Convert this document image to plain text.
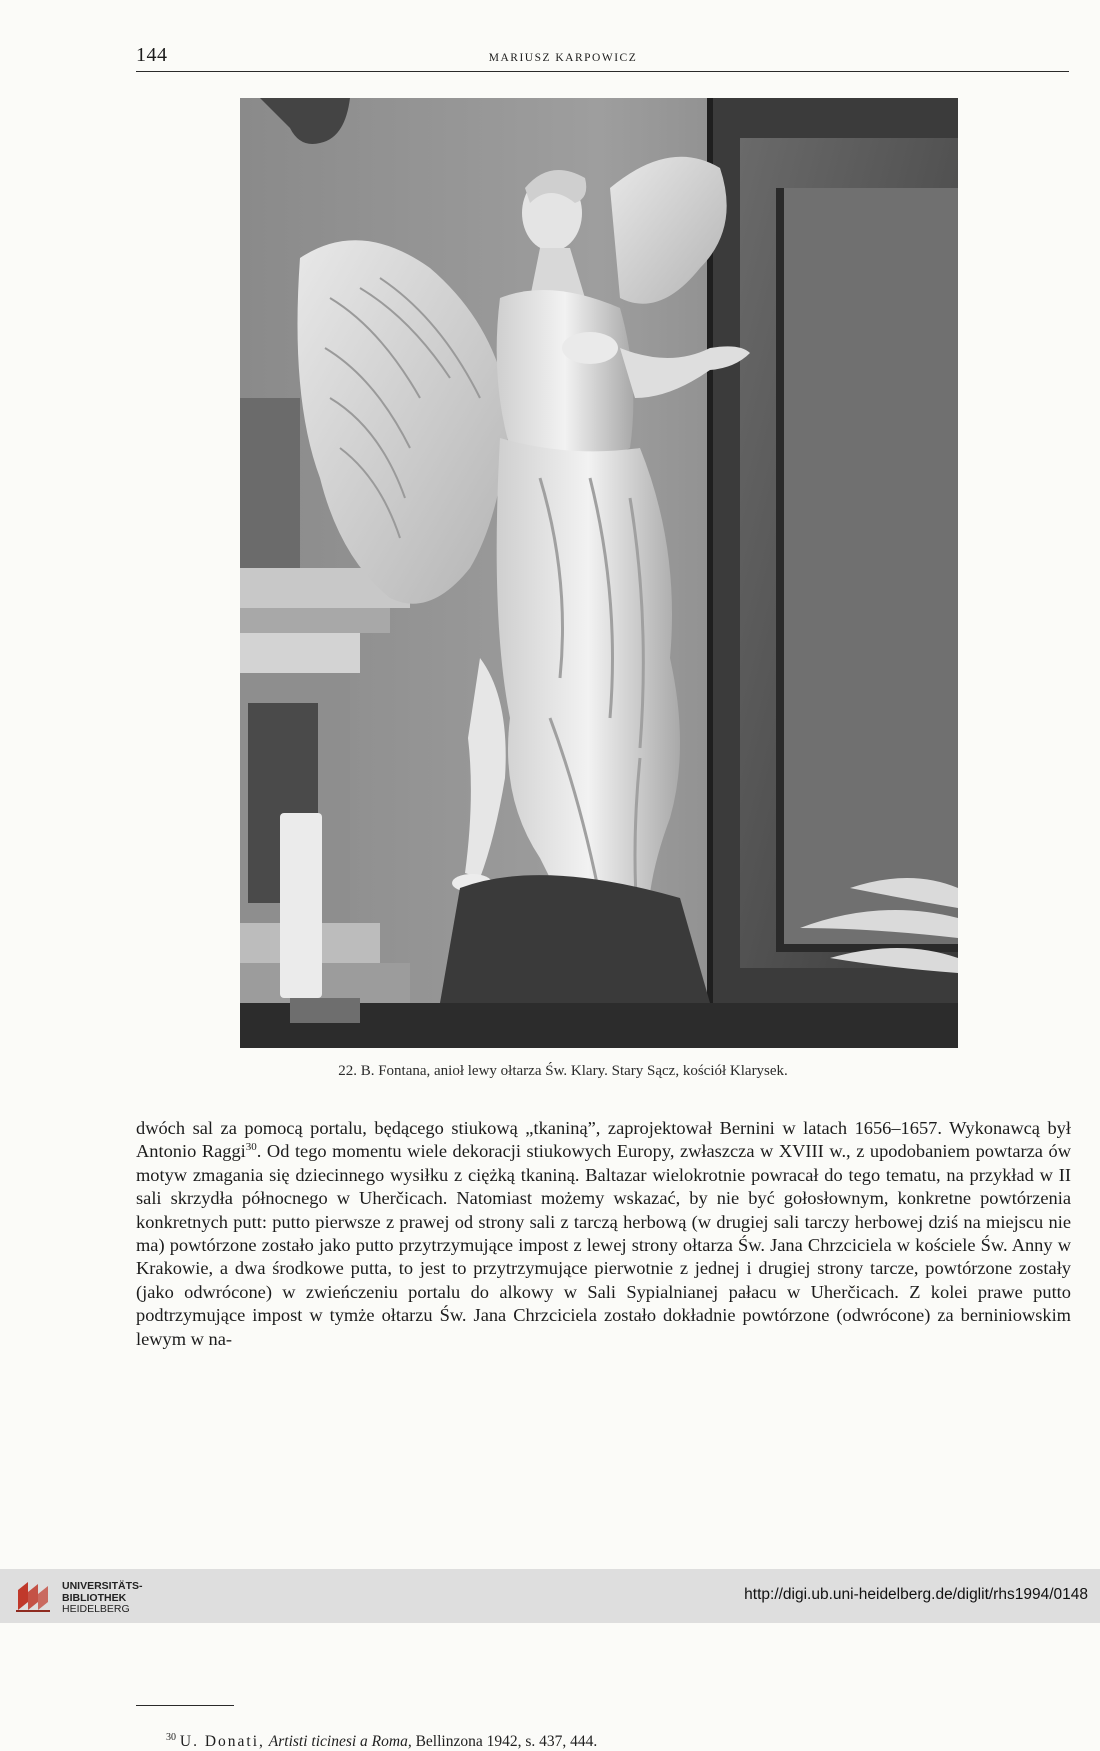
144	MARIUSZ KARPOWICZ
22. B. Fontana, anioł lewy ołtarza Św. Klary. Stary Sącz, kościół Klarysek.

dwóch sal za pomocą portalu, będącego stiukową „tkaniną”, zaprojektował Bernini w latach 1656–1657. Wykonawcą był Antonio Raggi$^{30}$. Od tego momentu wiele dekoracji stiukowych Europy, zwłaszcza w XVIII w., z upodobaniem powtarza ów motyw zmagania się dziecinnego wysiłku z ciężką tkaniną. Baltazar wielokrotnie powracał do tego tematu, na przykład w II sali skrzydła północnego w Uherčicach. Natomiast możemy wskazać, by nie być gołosłownym, konkretne powtórzenia konkretnych putt: putto pierwsze z prawej od strony sali z tarczą herbową (w drugiej sali tarczy herbowej dziś na miejscu nie ma) powtórzone zostało jako putto przytrzymujące impost z lewej strony ołtarza Św. Jana Chrzciciela w kościele Św. Anny w Krakowie, a dwa środkowe putta, to jest to przytrzymujące pierwotnie z jednej i drugiej strony tarcze, powtórzone zostały (jako odwrócone) w zwieńczeniu portalu do alkowy w Sali Sypialnianej pałacu w Uherčicach. Z kolei prawe putto podtrzymujące impost w tymże ołtarzu Św. Jana Chrzciciela zostało dokładnie powtórzone (odwrócone) za berniniowskim lewym w na-

$^{30}$ U. Donati, Artisti ticinesi a Roma, Bellinzona 1942, s. 437, 444.
UNIVERSITÄTS-
BIBLIOTHEK
HEIDELBERG
http://digi.ub.uni-heidelberg.de/diglit/rhs1994/0148
